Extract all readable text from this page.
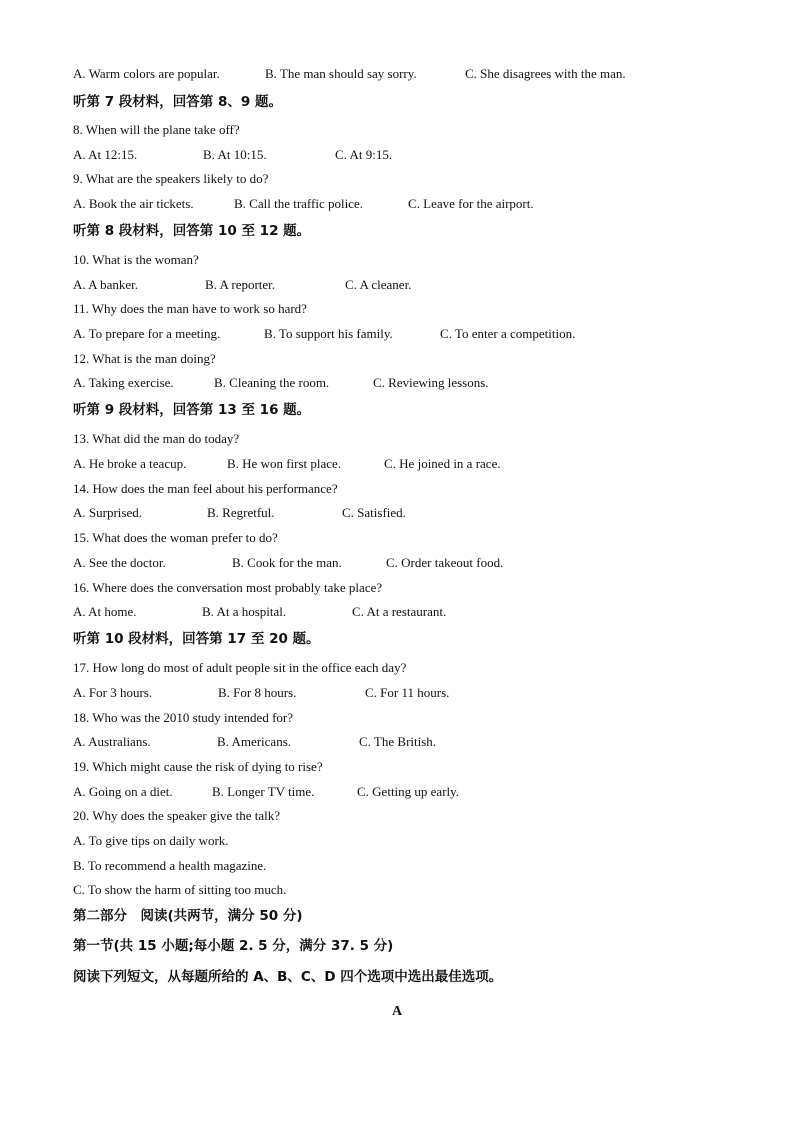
A. Warm colors are popular.	B. The man should say sorry.	C. She disagrees with the man.
听第 7 段材料，回答第 8、9 题。
8. When will the plane take off?
A. At 12:15.	B. At 10:15.	C. At 9:15.
9. What are the speakers likely to do?
A. Book the air tickets.	B. Call the traffic police.	C. Leave for the airport.
听第 8 段材料，回答第 10 至 12 题。
10. What is the woman?
A. A banker.	B. A reporter.	C. A cleaner.
11. Why does the man have to work so hard?
A. To prepare for a meeting.	B. To support his family.	C. To enter a competition.
12. What is the man doing?
A. Taking exercise.	B. Cleaning the room.	C. Reviewing lessons.
听第 9 段材料，回答第 13 至 16 题。
13. What did the man do today?
A. He broke a teacup.	B. He won first place.	C. He joined in a race.
14. How does the man feel about his performance?
A. Surprised.	B. Regretful.	C. Satisfied.
15. What does the woman prefer to do?
A. See the doctor.	B. Cook for the man.	C. Order takeout food.
16. Where does the conversation most probably take place?
A. At home.	B. At a hospital.	C. At a restaurant.
听第 10 段材料，回答第 17 至 20 题。
17. How long do most of adult people sit in the office each day?
A. For 3 hours.	B. For 8 hours.	C. For 11 hours.
18. Who was the 2010 study intended for?
A. Australians.	B. Americans.	C. The British.
19. Which might cause the risk of dying to rise?
A. Going on a diet.	B. Longer TV time.	C. Getting up early.
20. Why does the speaker give the talk?
A. To give tips on daily work.
B. To recommend a health magazine.
C. To show the harm of sitting too much.
第二部分　阅读(共两节，满分 50 分)
第一节(共 15 小题;每小题 2. 5 分，满分 37. 5 分)
阅读下列短文，从每题所给的 A、B、C、D 四个选项中选出最佳选项。
A
